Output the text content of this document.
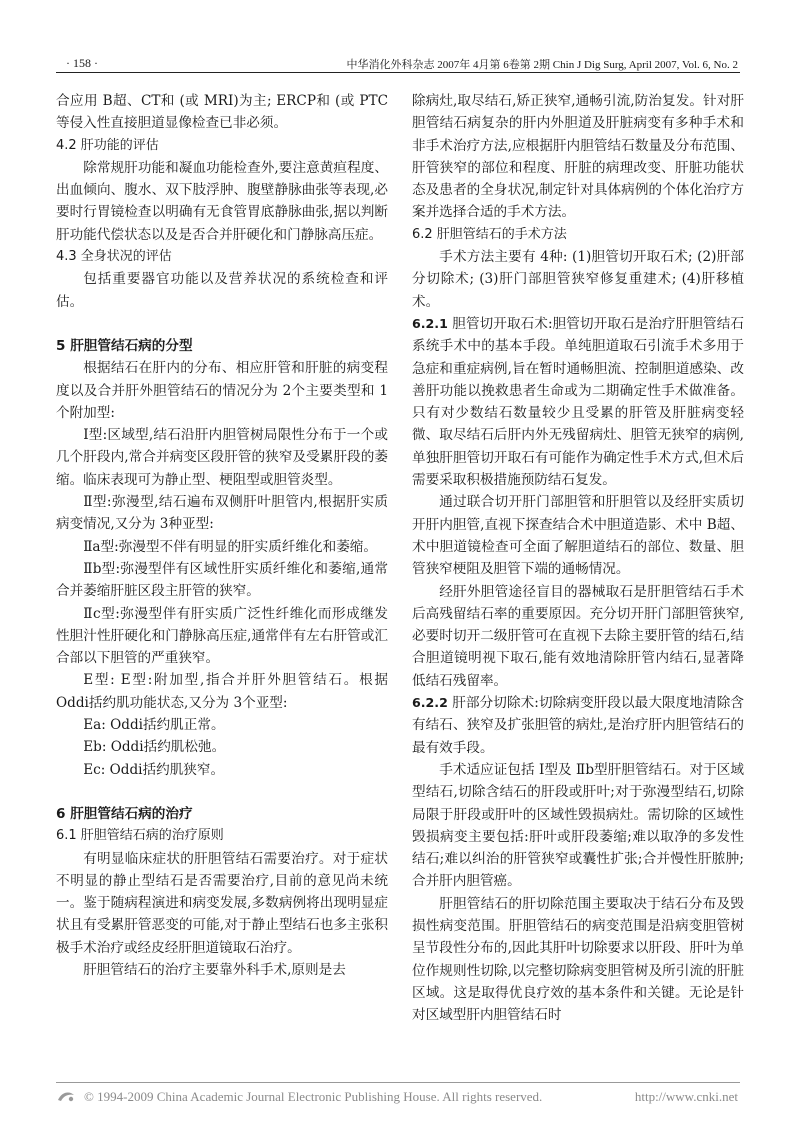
· 158 ·	中华消化外科杂志 2007年 4月第 6卷第 2期 Chin J Dig Surg, April 2007, Vol. 6, No. 2

合应用 B超、CT和 (或 MRI)为主; ERCP和 (或 PTC等侵入性直接胆道显像检查已非必须。

4.2 肝功能的评估

除常规肝功能和凝血功能检查外,要注意黄疸程度、出血倾向、腹水、双下肢浮肿、腹壁静脉曲张等表现,必要时行胃镜检查以明确有无食管胃底静脉曲张,据以判断肝功能代偿状态以及是否合并肝硬化和门静脉高压症。

4.3 全身状况的评估

包括重要器官功能以及营养状况的系统检查和评估。

5 肝胆管结石病的分型

根据结石在肝内的分布、相应肝管和肝脏的病变程度以及合并肝外胆管结石的情况分为 2个主要类型和 1个附加型:

Ⅰ型:区域型,结石沿肝内胆管树局限性分布于一个或几个肝段内,常合并病变区段肝管的狭窄及受累肝段的萎缩。临床表现可为静止型、梗阻型或胆管炎型。

Ⅱ型:弥漫型,结石遍布双侧肝叶胆管内,根据肝实质病变情况,又分为 3种亚型:

Ⅱa型:弥漫型不伴有明显的肝实质纤维化和萎缩。

Ⅱb型:弥漫型伴有区域性肝实质纤维化和萎缩,通常合并萎缩肝脏区段主肝管的狭窄。

Ⅱc型:弥漫型伴有肝实质广泛性纤维化而形成继发性胆汁性肝硬化和门静脉高压症,通常伴有左右肝管或汇合部以下胆管的严重狭窄。

E型: E型:附加型,指合并肝外胆管结石。根据 Oddi括约肌功能状态,又分为 3个亚型:

Ea: Oddi括约肌正常。

Eb: Oddi括约肌松弛。

Ec: Oddi括约肌狭窄。

6 肝胆管结石病的治疗

6.1 肝胆管结石病的治疗原则

有明显临床症状的肝胆管结石需要治疗。对于症状不明显的静止型结石是否需要治疗,目前的意见尚未统一。鉴于随病程演进和病变发展,多数病例将出现明显症状且有受累肝管恶变的可能,对于静止型结石也多主张积极手术治疗或经皮经肝胆道镜取石治疗。

肝胆管结石的治疗主要靠外科手术,原则是去

除病灶,取尽结石,矫正狭窄,通畅引流,防治复发。针对肝胆管结石病复杂的肝内外胆道及肝脏病变有多种手术和非手术治疗方法,应根据肝内胆管结石数量及分布范围、肝管狭窄的部位和程度、肝脏的病理改变、肝脏功能状态及患者的全身状况,制定针对具体病例的个体化治疗方案并选择合适的手术方法。

6.2 肝胆管结石的手术方法

手术方法主要有 4种: (1)胆管切开取石术; (2)肝部分切除术; (3)肝门部胆管狭窄修复重建术; (4)肝移植术。

6.2.1 胆管切开取石术:胆管切开取石是治疗肝胆管结石系统手术中的基本手段。单纯胆道取石引流手术多用于急症和重症病例,旨在暂时通畅胆流、控制胆道感染、改善肝功能以挽救患者生命或为二期确定性手术做准备。只有对少数结石数量较少且受累的肝管及肝脏病变轻微、取尽结石后肝内外无残留病灶、胆管无狭窄的病例,单独肝胆管切开取石有可能作为确定性手术方式,但术后需要采取积极措施预防结石复发。

通过联合切开肝门部胆管和肝胆管以及经肝实质切开肝内胆管,直视下探查结合术中胆道造影、术中 B超、术中胆道镜检查可全面了解胆道结石的部位、数量、胆管狭窄梗阻及胆管下端的通畅情况。

经肝外胆管途径盲目的器械取石是肝胆管结石手术后高残留结石率的重要原因。充分切开肝门部胆管狭窄,必要时切开二级肝管可在直视下去除主要肝管的结石,结合胆道镜明视下取石,能有效地清除肝管内结石,显著降低结石残留率。

6.2.2 肝部分切除术:切除病变肝段以最大限度地清除含有结石、狭窄及扩张胆管的病灶,是治疗肝内胆管结石的最有效手段。

手术适应证包括 Ⅰ型及 Ⅱb型肝胆管结石。对于区域型结石,切除含结石的肝段或肝叶;对于弥漫型结石,切除局限于肝段或肝叶的区域性毁损病灶。需切除的区域性毁损病变主要包括:肝叶或肝段萎缩;难以取净的多发性结石;难以纠治的肝管狭窄或囊性扩张;合并慢性肝脓肿;合并肝内胆管癌。

肝胆管结石的肝切除范围主要取决于结石分布及毁损性病变范围。肝胆管结石的病变范围是沿病变胆管树呈节段性分布的,因此其肝叶切除要求以肝段、肝叶为单位作规则性切除,以完整切除病变胆管树及所引流的肝脏区域。这是取得优良疗效的基本条件和关键。无论是针对区域型肝内胆管结石时

© 1994-2009 China Academic Journal Electronic Publishing House. All rights reserved.	http://www.cnki.net
